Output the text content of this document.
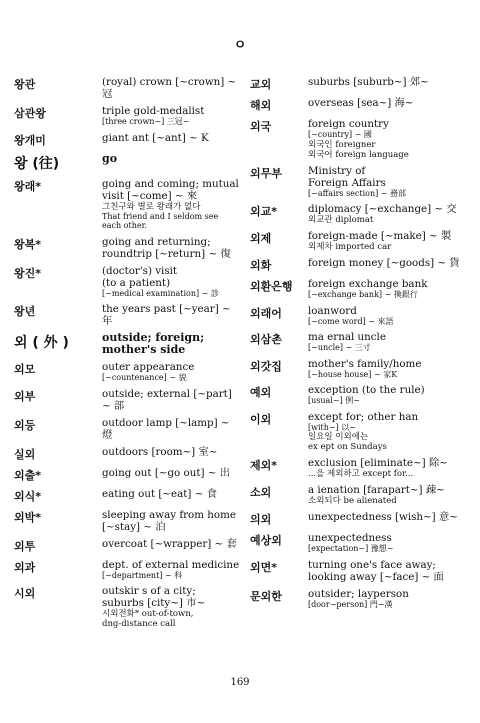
ㅇ
왕관	(royal) crown [~crown] ~ 冠
삼관왕	triple gold-medalist
[three crown~] 三冠~
왕개미	giant ant [~ant] ~ K
왕 (往)	go
왕래*	going and coming; mutual
visit [~come] ~ 來
그친구와 별로 왕래가 없다
That friend and I seldom see
each other.
왕복*	going and returning;
roundtrip [~return] ~ 復
왕진*	(doctor's) visit
(to a patient)
[~medical examination] ~ 診
왕년	the years past [~year] ~ 年
외 ( 外 )	outside; foreign;
mother's side
외모	outer appearance
[~countenance] ~ 貌
외부	outside; external [~part] ~ 部
외등	outdoor lamp [~lamp] ~ 燈
실외	outdoors [room~] 室~
외출*	going out [~go out] ~ 出
외식*	eating out [~eat] ~ 食
외박*	sleeping away from home
[~stay] ~ 泊
외투	overcoat [~wrapper] ~ 套
외과	dept. of external medicine
[~department] ~ 科
시외	outskir s of a city;
suburbs [city~] 市~
시외전화* out-of-town,
dng-distance call
교외	suburbs [suburb~] 郊~
해외	overseas [sea~] 海~
외국	foreign country
[~country] ~ 國
외국인 foreigner
외국어 foreign language
외무부	Ministry of
Foreign Affairs
[~affairs section] ~ 務部
외교*	diplomacy [~exchange] ~ 交
외교관 diplomat
외제	foreign-made [~make] ~ 製
외제차 imported car
외화	foreign money [~goods] ~ 貨
외환은행	foreign exchange bank
[~exchange bank] ~ 換銀行
외래어	loanword
[~come word] ~ 來語
외삼촌	ma ernal uncle
[~uncle] ~ 三寸
외갓집	mother's family/home
[~house house] ~ 家K
예외	exception (to the rule)
[usual~] 例~
이외	except for; other han
[with~] 以~
일요일 이외에는
ex ept on Sundays
제외*	exclusion [eliminate~] 除~
...을 제외하고 except for...
소외	a ienation [farapart~] 疎~
소외되다 be alienated
의외	unexpectedness [wish~] 意~
예상외	unexpectedness
[expectation~] 豫想~
외면*	turning one's face away;
looking away [~face] ~ 面
문외한	outsider; layperson
[door~person] 門~漢
169
